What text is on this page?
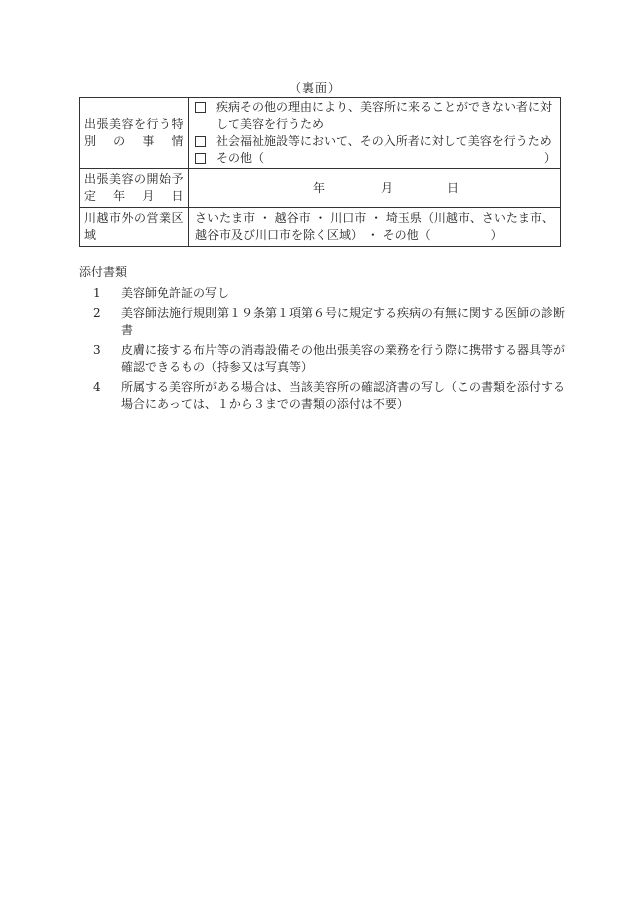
（裏面）
出張美容を行う特別の事情	疾病その他の理由により、美容所に来ることができない者に対して美容を行うため
社会福祉施設等において、その入所者に対して美容を行うため
その他（ ）

出張美容の開始予定年月日	年 月 日

川越市外の営業区域	さいたま市 ・ 越谷市 ・ 川口市 ・ 埼玉県（川越市、さいたま市、越谷市及び川口市を除く区域） ・ その他（　　　　　）
添付書類
1	美容師免許証の写し
2	美容師法施行規則第１９条第１項第６号に規定する疾病の有無に関する医師の診断書
3	皮膚に接する布片等の消毒設備その他出張美容の業務を行う際に携帯する器具等が確認できるもの（持参又は写真等）
4	所属する美容所がある場合は、当該美容所の確認済書の写し（この書類を添付する場合にあっては、１から３までの書類の添付は不要）
